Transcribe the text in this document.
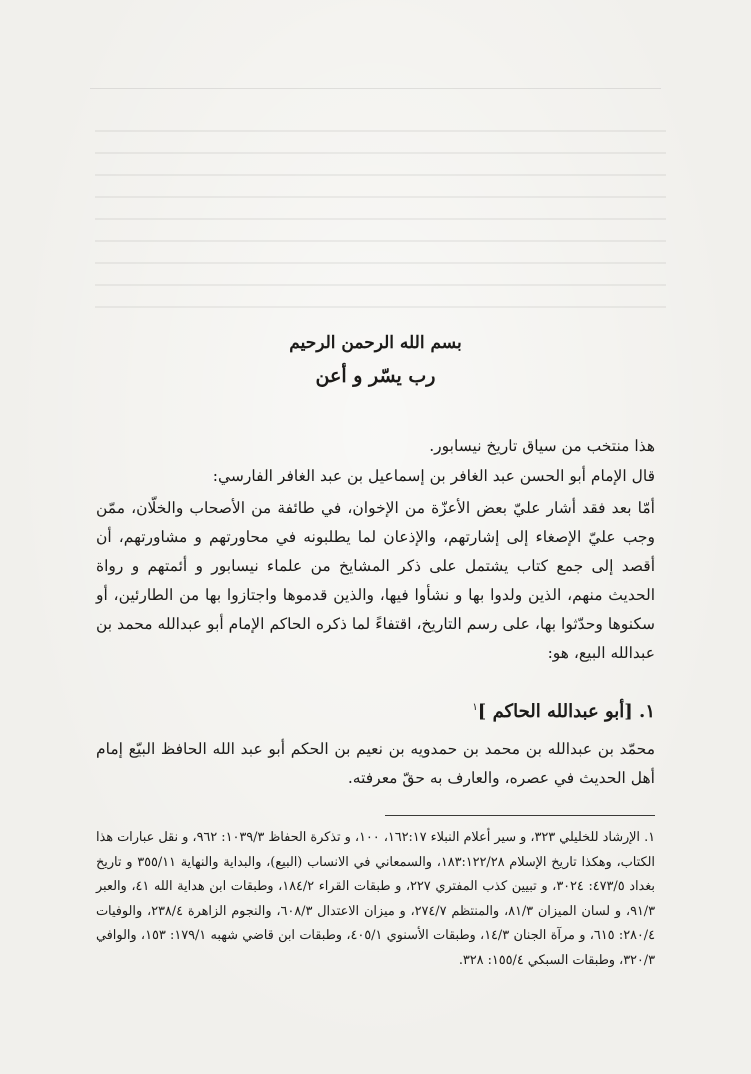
بسم الله الرحمن الرحيم
رب يسّر و أعن
هذا منتخب من سياق تاريخ نيسابور.
قال الإمام أبو الحسن عبد الغافر بن إسماعيل بن عبد الغافر الفارسي:
أمّا بعد فقد أشار عليّ بعض الأعزّة من الإخوان، في طائفة من الأصحاب والخلّان، ممّن وجب عليّ الإصغاء إلى إشارتهم، والإذعان لما يطلبونه في محاورتهم و مشاورتهم، أن أقصد إلى جمع كتاب يشتمل على ذكر المشايخ من علماء نيسابور و أئمتهم و رواة الحديث منهم، الذين ولدوا بها و نشأوا فيها، والذين قدموها واجتازوا بها من الطارئين، أو سكنوها وحدّثوا بها، على رسم التاريخ، اقتفاءً لما ذكره الحاكم الإمام أبو عبدالله محمد بن عبدالله البيع، هو:
١. [أبو عبدالله الحاكم ]$^١$
محمّد بن عبدالله بن محمد بن حمدويه بن نعيم بن الحكم أبو عبد الله الحافظ البيّع إمام أهل الحديث في عصره، والعارف به حقّ معرفته.
١. الإرشاد للخليلي ٣٢٣، و سير أعلام النبلاء ١٦٢:١٧، ١٠٠، و تذكرة الحفاظ ١٠٣٩/٣: ٩٦٢، و نقل عبارات هذا الكتاب، وهكذا تاريخ الإسلام ١٨٣:١٢٢/٢٨، والسمعاني في الانساب (البيع)، والبداية والنهاية ٣٥٥/١١ و تاريخ بغداد ٤٧٣/٥: ٣٠٢٤، و تبيين كذب المفتري ٢٢٧، و طبقات القراء ١٨٤/٢، وطبقات ابن هداية الله ٤١، والعبر ٩١/٣، و لسان الميزان ٨١/٣، والمنتظم ٢٧٤/٧، و ميزان الاعتدال ٦٠٨/٣، والنجوم الزاهرة ٢٣٨/٤، والوفيات ٢٨٠/٤: ٦١٥، و مرآة الجنان ١٤/٣، وطبقات الأسنوي ٤٠٥/١، وطبقات ابن قاضي شهبه ١٧٩/١: ١٥٣، والوافي ٣٢٠/٣، وطبقات السبكي ١٥٥/٤: ٣٢٨.
